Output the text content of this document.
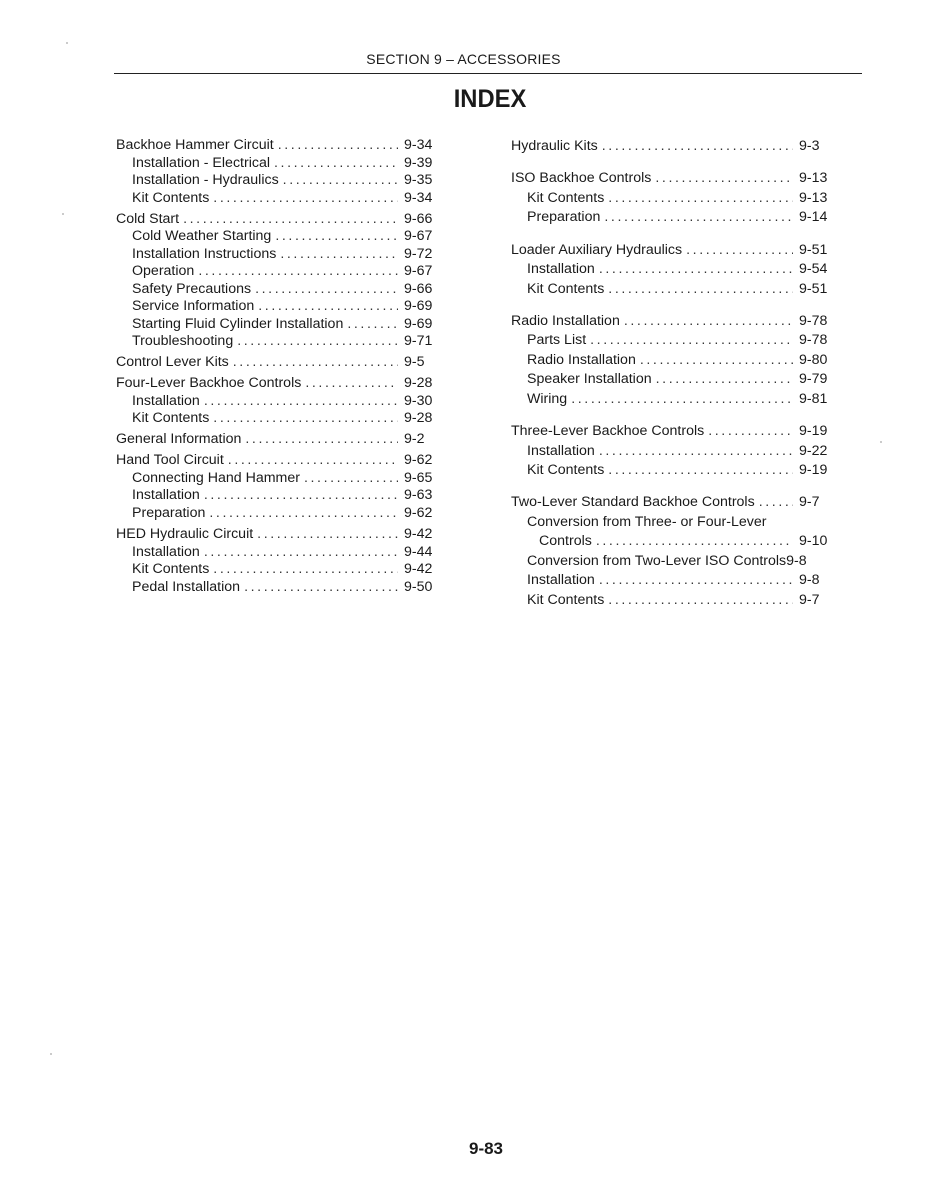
SECTION 9 – ACCESSORIES
INDEX
Backhoe Hammer Circuit .....	9-34
Installation - Electrical .....	9-39
Installation - Hydraulics .....	9-35
Kit Contents .....	9-34
Cold Start .....	9-66
Cold Weather Starting .....	9-67
Installation Instructions .....	9-72
Operation .....	9-67
Safety Precautions .....	9-66
Service Information .....	9-69
Starting Fluid Cylinder Installation .....	9-69
Troubleshooting .....	9-71
Control Lever Kits .....	9-5
Four-Lever Backhoe Controls .....	9-28
Installation .....	9-30
Kit Contents .....	9-28
General Information .....	9-2
Hand Tool Circuit .....	9-62
Connecting Hand Hammer .....	9-65
Installation .....	9-63
Preparation .....	9-62
HED Hydraulic Circuit .....	9-42
Installation .....	9-44
Kit Contents .....	9-42
Pedal Installation .....	9-50
Hydraulic Kits .....	9-3
ISO Backhoe Controls .....	9-13
Kit Contents .....	9-13
Preparation .....	9-14
Loader Auxiliary Hydraulics .....	9-51
Installation .....	9-54
Kit Contents .....	9-51
Radio Installation .....	9-78
Parts List .....	9-78
Radio Installation .....	9-80
Speaker Installation .....	9-79
Wiring .....	9-81
Three-Lever Backhoe Controls .....	9-19
Installation .....	9-22
Kit Contents .....	9-19
Two-Lever Standard Backhoe Controls .....	9-7
Conversion from Three- or Four-Lever
Controls .....	9-10
Conversion from Two-Lever ISO Controls 9-8
Installation .....	9-8
Kit Contents .....	9-7
9-83
